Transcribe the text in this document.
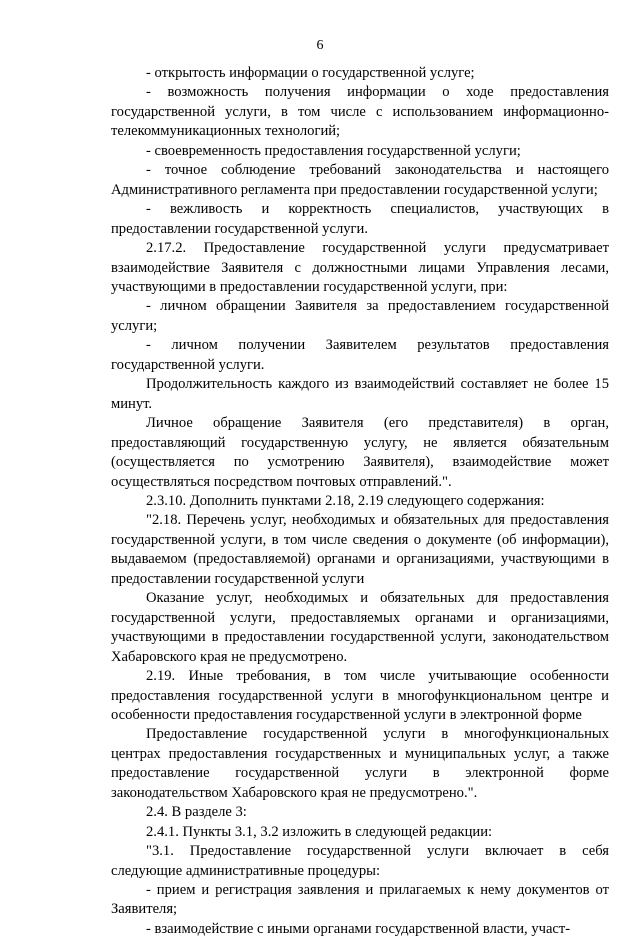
6

- открытость информации о государственной услуге;

- возможность получения информации о ходе предоставления государственной услуги, в том числе с использованием информационно-телекоммуникационных технологий;

- своевременность предоставления государственной услуги;

- точное соблюдение требований законодательства и настоящего Административного регламента при предоставлении государственной услуги;

- вежливость и корректность специалистов, участвующих в предоставлении государственной услуги.

2.17.2. Предоставление государственной услуги предусматривает взаимодействие Заявителя с должностными лицами Управления лесами, участвующими в предоставлении государственной услуги, при:

- личном обращении Заявителя за предоставлением государственной услуги;

- личном получении Заявителем результатов предоставления государственной услуги.

Продолжительность каждого из взаимодействий составляет не более 15 минут.

Личное обращение Заявителя (его представителя) в орган, предоставляющий государственную услугу, не является обязательным (осуществляется по усмотрению Заявителя), взаимодействие может осуществляться посредством почтовых отправлений.".

2.3.10. Дополнить пунктами 2.18, 2.19 следующего содержания:

"2.18. Перечень услуг, необходимых и обязательных для предоставления государственной услуги, в том числе сведения о документе (об информации), выдаваемом (предоставляемой) органами и организациями, участвующими в предоставлении государственной услуги

Оказание услуг, необходимых и обязательных для предоставления государственной услуги, предоставляемых органами и организациями, участвующими в предоставлении государственной услуги, законодательством Хабаровского края не предусмотрено.

2.19. Иные требования, в том числе учитывающие особенности предоставления государственной услуги в многофункциональном центре и особенности предоставления государственной услуги в электронной форме

Предоставление государственной услуги в многофункциональных центрах предоставления государственных и муниципальных услуг, а также предоставление государственной услуги в электронной форме законодательством Хабаровского края не предусмотрено.".

2.4. В разделе 3:

2.4.1. Пункты 3.1, 3.2 изложить в следующей редакции:

"3.1. Предоставление государственной услуги включает в себя следующие административные процедуры:

- прием и регистрация заявления и прилагаемых к нему документов от Заявителя;

- взаимодействие с иными органами государственной власти, участ-
